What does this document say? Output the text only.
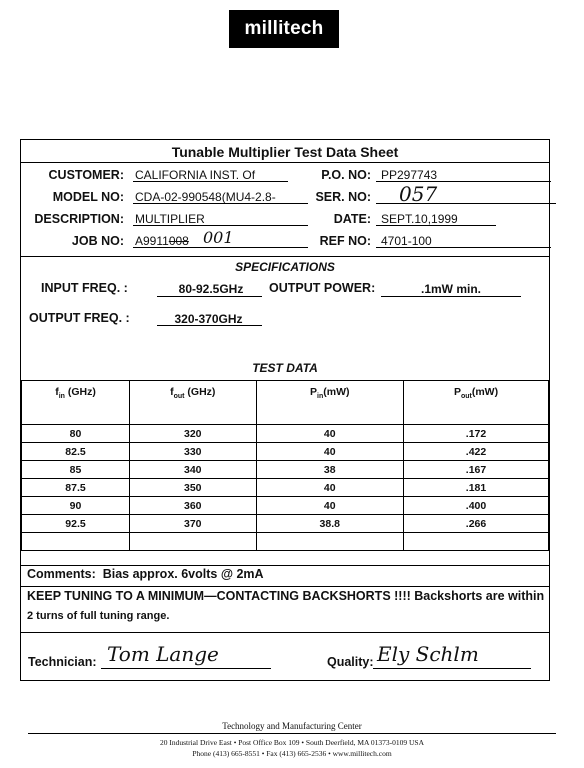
millitech
Tunable Multiplier Test Data Sheet
CUSTOMER: CALIFORNIA INST. Of	P.O. NO: PP297743
MODEL NO: CDA-02-990548(MU4-2.8-	SER. NO: 057
DESCRIPTION: MULTIPLIER	DATE: SEPT.10,1999
JOB NO: A9911008 001	REF NO: 4701-100
SPECIFICATIONS
INPUT FREQ. :	80-92.5GHz	OUTPUT POWER:	.1mW min.
OUTPUT FREQ. :	320-370GHz
TEST DATA
$f_{in}$ (GHz)	$f_{out}$ (GHz)	$P_{in}(mW)$	$P_{out}(mW)$
80	320	40	.172
82.5	330	40	.422
85	340	38	.167
87.5	350	40	.181
90	360	40	.400
92.5	370	38.8	.266

Comments: Bias approx. 6volts @ 2mA
KEEP TUNING TO A MINIMUM—CONTACTING BACKSHORTS !!!! Backshorts are within
2 turns of full tuning range.
Technician: Tom Lange	Quality: Ely Schlm
Technology and Manufacturing Center
20 Industrial Drive East • Post Office Box 109 • South Deerfield, MA 01373-0109 USA
Phone (413) 665-8551 • Fax (413) 665-2536 • www.millitech.com
